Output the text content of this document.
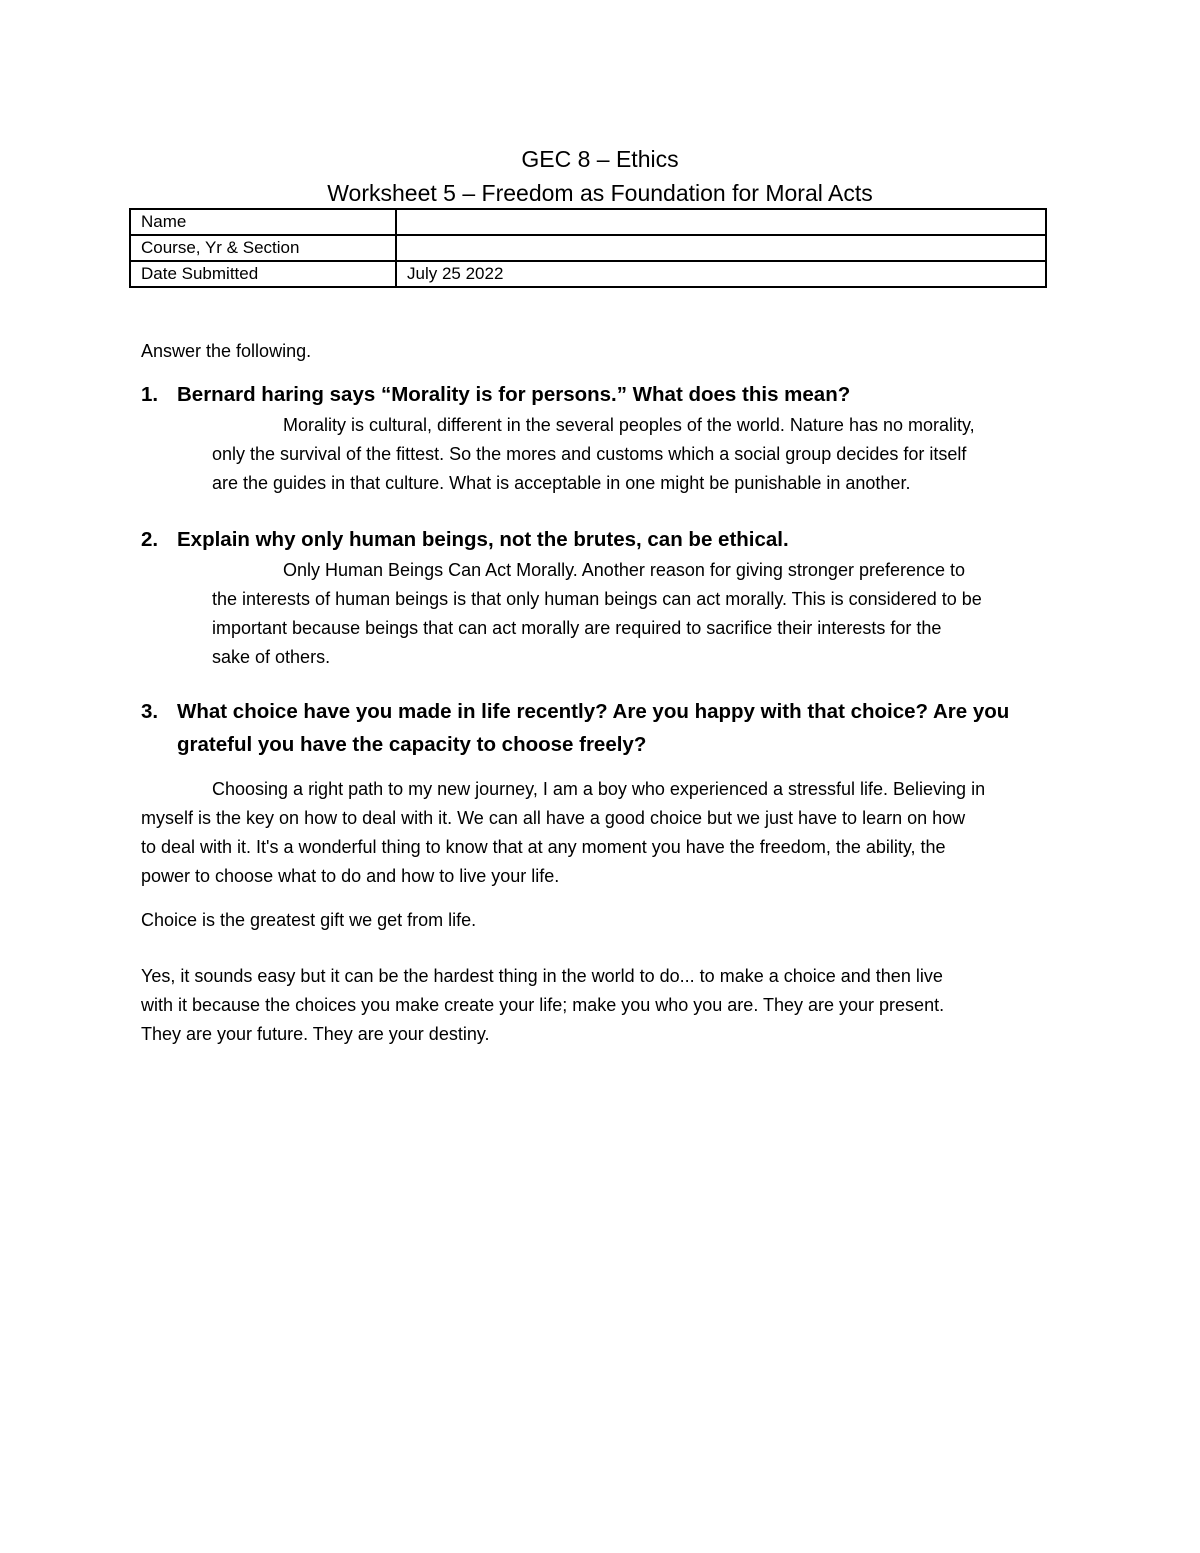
GEC 8 – Ethics
Worksheet 5 – Freedom as Foundation for Moral Acts
Name	
Course, Yr & Section	
Date Submitted	July 25 2022
Answer the following.
1. Bernard haring says “Morality is for persons.” What does this mean?
Morality is cultural, different in the several peoples of the world. Nature has no morality,
only the survival of the fittest. So the mores and customs which a social group decides for itself
are the guides in that culture. What is acceptable in one might be punishable in another.
2. Explain why only human beings, not the brutes, can be ethical.
Only Human Beings Can Act Morally. Another reason for giving stronger preference to
the interests of human beings is that only human beings can act morally. This is considered to be
important because beings that can act morally are required to sacrifice their interests for the
sake of others.
3. What choice have you made in life recently? Are you happy with that choice? Are you
grateful you have the capacity to choose freely?
Choosing a right path to my new journey, I am a boy who experienced a stressful life. Believing in
myself is the key on how to deal with it. We can all have a good choice but we just have to learn on how
to deal with it. It's a wonderful thing to know that at any moment you have the freedom, the ability, the
power to choose what to do and how to live your life.
Choice is the greatest gift we get from life.
Yes, it sounds easy but it can be the hardest thing in the world to do... to make a choice and then live
with it because the choices you make create your life; make you who you are. They are your present.
They are your future. They are your destiny.
